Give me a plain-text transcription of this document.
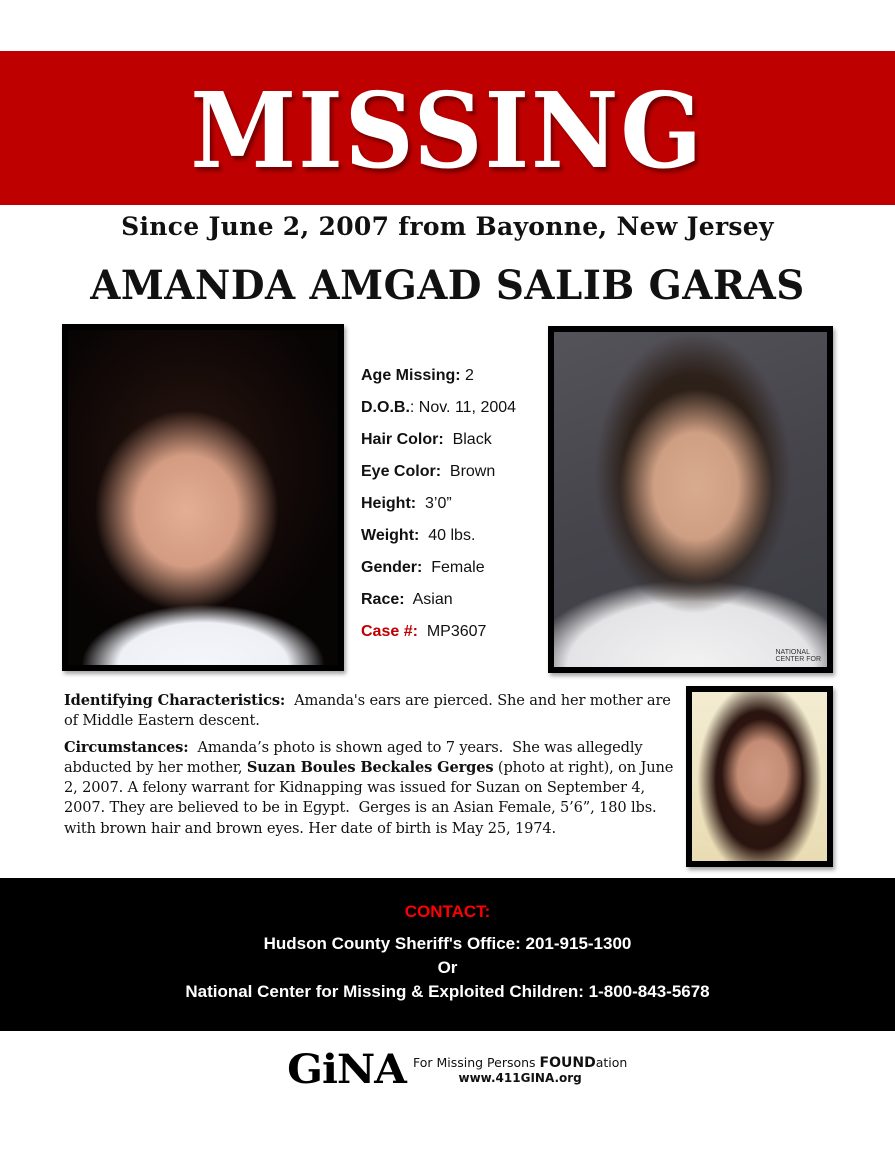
MISSING
Since June 2, 2007 from Bayonne, New Jersey
AMANDA AMGAD SALIB GARAS
Age Missing: 2
D.O.B.: Nov. 11, 2004
Hair Color:  Black
Eye Color:  Brown
Height:  3’0”
Weight:  40 lbs.
Gender:  Female
Race:  Asian
Case #:  MP3607
NATIONAL
CENTER FOR

Identifying Characteristics:  Amanda's ears are pierced. She and her mother are of Middle Eastern descent.

Circumstances:  Amanda’s photo is shown aged to 7 years.  She was allegedly abducted by her mother, Suzan Boules Beckales Gerges (photo at right), on June 2, 2007. A felony warrant for Kidnapping was issued for Suzan on September 4, 2007. They are believed to be in Egypt.  Gerges is an Asian Female, 5’6”, 180 lbs. with brown hair and brown eyes. Her date of birth is May 25, 1974.

CONTACT:
Hudson County Sheriff's Office: 201-915-1300
Or
National Center for Missing & Exploited Children: 1-800-843-5678
GiNA For Missing Persons FOUNDation
www.411GINA.org
